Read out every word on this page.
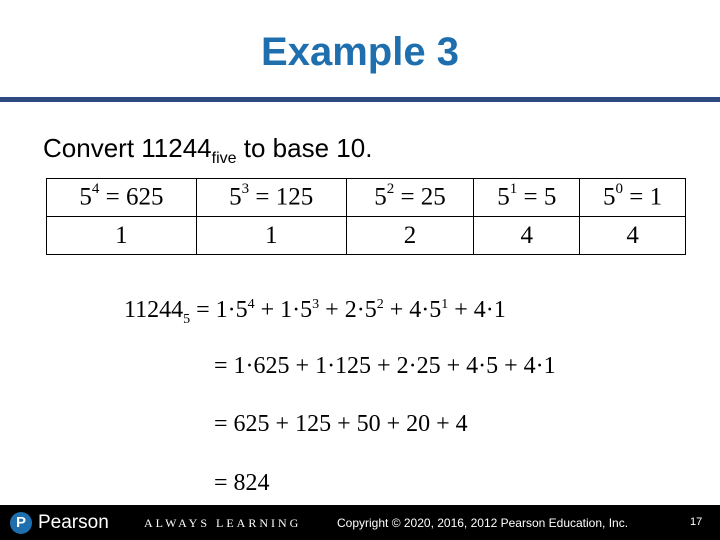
Example 3
Convert $11244_{five}$ to base 10.
$5^4 = 625$	$5^3 = 125$	$5^2 = 25$	$5^1 = 5$	$5^0 = 1$
1	1	2	4	4
$11244_5 = 1\cdot 5^4 + 1\cdot 5^3 + 2\cdot 5^2 + 4\cdot 5^1 + 4\cdot 1$
= 1·625 + 1·125 + 2·25 + 4·5 + 4·1
= 625 + 125 + 50 + 20 + 4
= 824
P Pearson	ALWAYS LEARNING	Copyright © 2020, 2016, 2012 Pearson Education, Inc.	17
